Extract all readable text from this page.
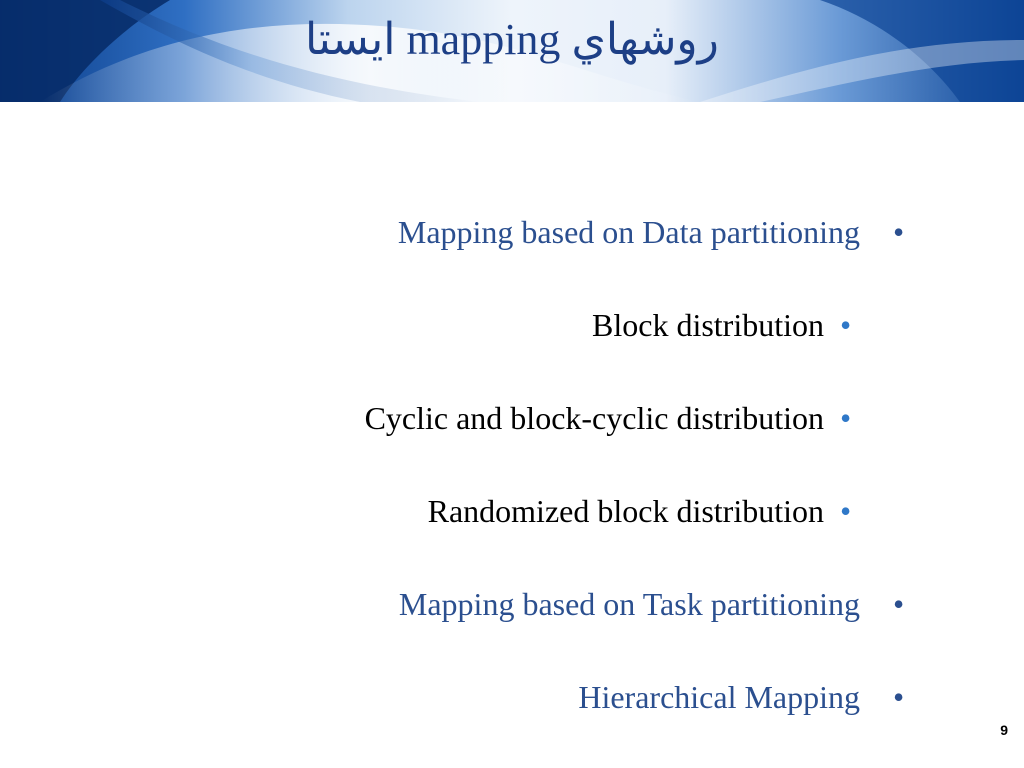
روشهاي mapping ايستا
Mapping based on Data partitioning •
Block distribution •
Cyclic and block-cyclic distribution •
Randomized block distribution •
Mapping based on Task partitioning •
Hierarchical Mapping •
9
